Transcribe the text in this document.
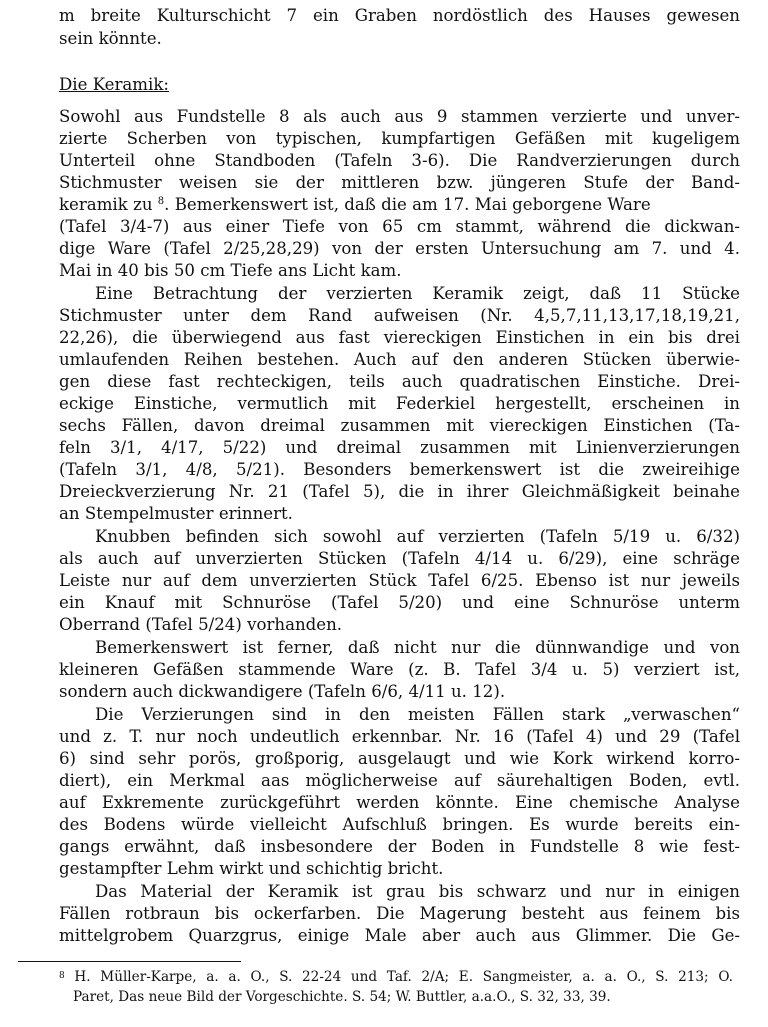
m breite Kulturschicht 7 ein Graben nordöstlich des Hauses gewesen
sein könnte.
Die Keramik:
Sowohl aus Fundstelle 8 als auch aus 9 stammen verzierte und unver-
zierte Scherben von typischen, kumpfartigen Gefäßen mit kugeligem
Unterteil ohne Standboden (Tafeln 3-6). Die Randverzierungen durch
Stichmuster weisen sie der mittleren bzw. jüngeren Stufe der Band-
keramik zu $^8$. Bemerkenswert ist, daß die am 17. Mai geborgene Ware
(Tafel 3/4-7) aus einer Tiefe von 65 cm stammt, während die dickwan-
dige Ware (Tafel 2/25,28,29) von der ersten Untersuchung am 7. und 4.
Mai in 40 bis 50 cm Tiefe ans Licht kam.
Eine Betrachtung der verzierten Keramik zeigt, daß 11 Stücke
Stichmuster unter dem Rand aufweisen (Nr. 4,5,7,11,13,17,18,19,21,
22,26), die überwiegend aus fast viereckigen Einstichen in ein bis drei
umlaufenden Reihen bestehen. Auch auf den anderen Stücken überwie-
gen diese fast rechteckigen, teils auch quadratischen Einstiche. Drei-
eckige Einstiche, vermutlich mit Federkiel hergestellt, erscheinen in
sechs Fällen, davon dreimal zusammen mit viereckigen Einstichen (Ta-
feln 3/1, 4/17, 5/22) und dreimal zusammen mit Linienverzierungen
(Tafeln 3/1, 4/8, 5/21). Besonders bemerkenswert ist die zweireihige
Dreieckverzierung Nr. 21 (Tafel 5), die in ihrer Gleichmäßigkeit beinahe
an Stempelmuster erinnert.
Knubben befinden sich sowohl auf verzierten (Tafeln 5/19 u. 6/32)
als auch auf unverzierten Stücken (Tafeln 4/14 u. 6/29), eine schräge
Leiste nur auf dem unverzierten Stück Tafel 6/25. Ebenso ist nur jeweils
ein Knauf mit Schnuröse (Tafel 5/20) und eine Schnuröse unterm
Oberrand (Tafel 5/24) vorhanden.
Bemerkenswert ist ferner, daß nicht nur die dünnwandige und von
kleineren Gefäßen stammende Ware (z. B. Tafel 3/4 u. 5) verziert ist,
sondern auch dickwandigere (Tafeln 6/6, 4/11 u. 12).
Die Verzierungen sind in den meisten Fällen stark „verwaschen“
und z. T. nur noch undeutlich erkennbar. Nr. 16 (Tafel 4) und 29 (Tafel
6) sind sehr porös, großporig, ausgelaugt und wie Kork wirkend korro-
diert), ein Merkmal aas möglicherweise auf säurehaltigen Boden, evtl.
auf Exkremente zurückgeführt werden könnte. Eine chemische Analyse
des Bodens würde vielleicht Aufschluß bringen. Es wurde bereits ein-
gangs erwähnt, daß insbesondere der Boden in Fundstelle 8 wie fest-
gestampfter Lehm wirkt und schichtig bricht.
Das Material der Keramik ist grau bis schwarz und nur in einigen
Fällen rotbraun bis ockerfarben. Die Magerung besteht aus feinem bis
mittelgrobem Quarzgrus, einige Male aber auch aus Glimmer. Die Ge-
$^8$ H. Müller-Karpe, a. a. O., S. 22-24 und Taf. 2/A; E. Sangmeister, a. a. O., S. 213; O.
Paret, Das neue Bild der Vorgeschichte. S. 54; W. Buttler, a.a.O., S. 32, 33, 39.
